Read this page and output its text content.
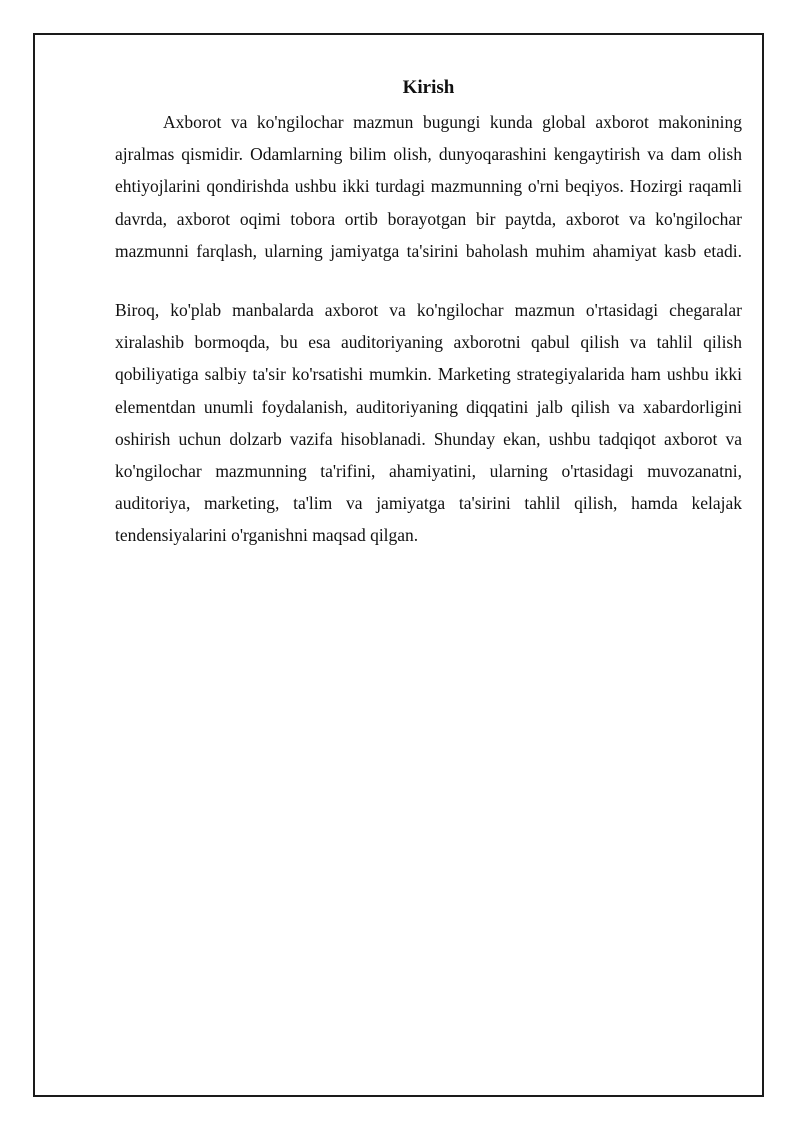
Kirish

Axborot va ko'ngilochar mazmun bugungi kunda global axborot makonining ajralmas qismidir. Odamlarning bilim olish, dunyoqarashini kengaytirish va dam olish ehtiyojlarini qondirishda ushbu ikki turdagi mazmunning o'rni beqiyos. Hozirgi raqamli davrda, axborot oqimi tobora ortib borayotgan bir paytda, axborot va ko'ngilochar mazmunni farqlash, ularning jamiyatga ta'sirini baholash muhim ahamiyat kasb etadi.

Biroq, ko'plab manbalarda axborot va ko'ngilochar mazmun o'rtasidagi chegaralar xiralashib bormoqda, bu esa auditoriyaning axborotni qabul qilish va tahlil qilish qobiliyatiga salbiy ta'sir ko'rsatishi mumkin. Marketing strategiyalarida ham ushbu ikki elementdan unumli foydalanish, auditoriyaning diqqatini jalb qilish va xabardorligini oshirish uchun dolzarb vazifa hisoblanadi. Shunday ekan, ushbu tadqiqot axborot va ko'ngilochar mazmunning ta'rifini, ahamiyatini, ularning o'rtasidagi muvozanatni, auditoriya, marketing, ta'lim va jamiyatga ta'sirini tahlil qilish, hamda kelajak tendensiyalarini o'rganishni maqsad qilgan.
